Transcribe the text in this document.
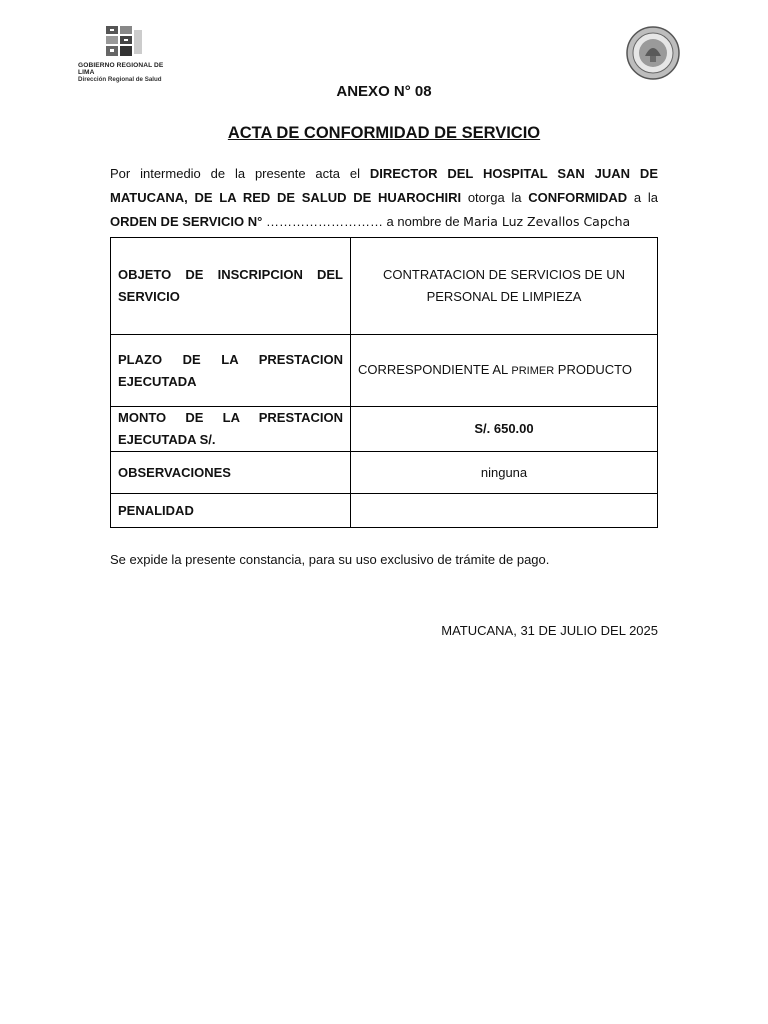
GOBIERNO REGIONAL DE LIMA
Dirección Regional de Salud
ANEXO N° 08
ACTA DE CONFORMIDAD DE SERVICIO

Por intermedio de la presente acta el DIRECTOR DEL HOSPITAL SAN JUAN DE MATUCANA, DE LA RED DE SALUD DE HUAROCHIRI otorga la CONFORMIDAD a la ORDEN DE SERVICIO N° ……………………… a nombre de Maria Luz Zevallos Capcha

OBJETO DE INSCRIPCION DEL SERVICIO	CONTRATACION DE SERVICIOS DE UN PERSONAL DE LIMPIEZA
PLAZO DE LA PRESTACION EJECUTADA	CORRESPONDIENTE AL PRIMER PRODUCTO
MONTO DE LA PRESTACION EJECUTADA S/.	S/. 650.00
OBSERVACIONES	ninguna
PENALIDAD	
Se expide la presente constancia, para su uso exclusivo de trámite de pago.
MATUCANA, 31 DE JULIO DEL 2025
